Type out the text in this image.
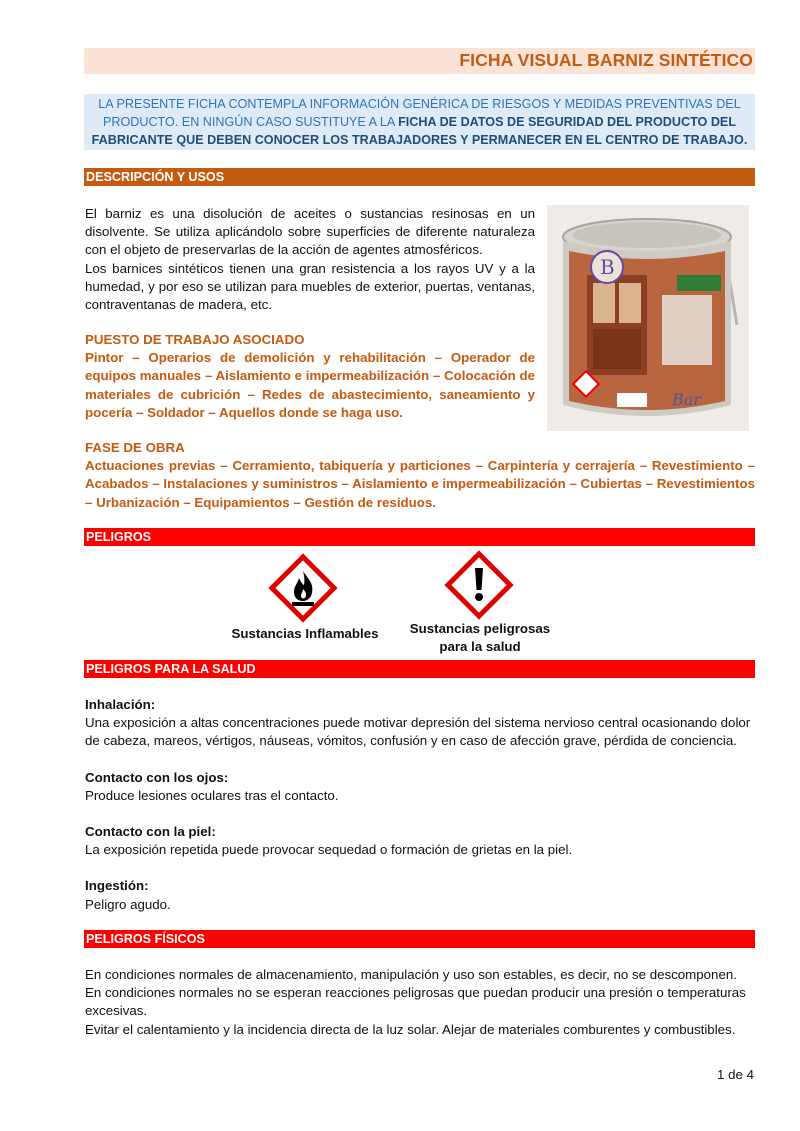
FICHA VISUAL BARNIZ SINTÉTICO
LA PRESENTE FICHA CONTEMPLA INFORMACIÓN GENÉRICA DE RIESGOS Y MEDIDAS PREVENTIVAS DEL PRODUCTO. EN NINGÚN CASO SUSTITUYE A LA FICHA DE DATOS DE SEGURIDAD DEL PRODUCTO DEL FABRICANTE QUE DEBEN CONOCER LOS TRABAJADORES Y PERMANECER EN EL CENTRO DE TRABAJO.
DESCRIPCIÓN Y USOS
El barniz es una disolución de aceites o sustancias resinosas en un disolvente. Se utiliza aplicándolo sobre superficies de diferente naturaleza con el objeto de preservarlas de la acción de agentes atmosféricos.
Los barnices sintéticos tienen una gran resistencia a los rayos UV y a la humedad, y por eso se utilizan para muebles de exterior, puertas, ventanas, contraventanas de madera, etc.
PUESTO DE TRABAJO ASOCIADO
Pintor – Operarios de demolición y rehabilitación – Operador de equipos manuales – Aislamiento e impermeabilización – Colocación de materiales de cubrición – Redes de abastecimiento, saneamiento y pocería – Soldador – Aquellos donde se haga uso.
B
Bar
FASE DE OBRA
Actuaciones previas – Cerramiento, tabiquería y particiones – Carpintería y cerrajería – Revestimiento – Acabados – Instalaciones y suministros – Aislamiento e impermeabilización – Cubiertas – Revestimientos – Urbanización – Equipamientos – Gestión de residuos.
PELIGROS
Sustancias Inflamables	Sustancias peligrosas
para la salud
PELIGROS PARA LA SALUD
Inhalación:
Una exposición a altas concentraciones puede motivar depresión del sistema nervioso central ocasionando dolor de cabeza, mareos, vértigos, náuseas, vómitos, confusión y en caso de afección grave, pérdida de conciencia.
Contacto con los ojos:
Produce lesiones oculares tras el contacto.
Contacto con la piel:
La exposición repetida puede provocar sequedad o formación de grietas en la piel.
Ingestión:
Peligro agudo.
PELIGROS FÍSICOS
En condiciones normales de almacenamiento, manipulación y uso son estables, es decir, no se descomponen.
En condiciones normales no se esperan reacciones peligrosas que puedan producir una presión o temperaturas excesivas.
Evitar el calentamiento y la incidencia directa de la luz solar. Alejar de materiales comburentes y combustibles.
1 de 4
